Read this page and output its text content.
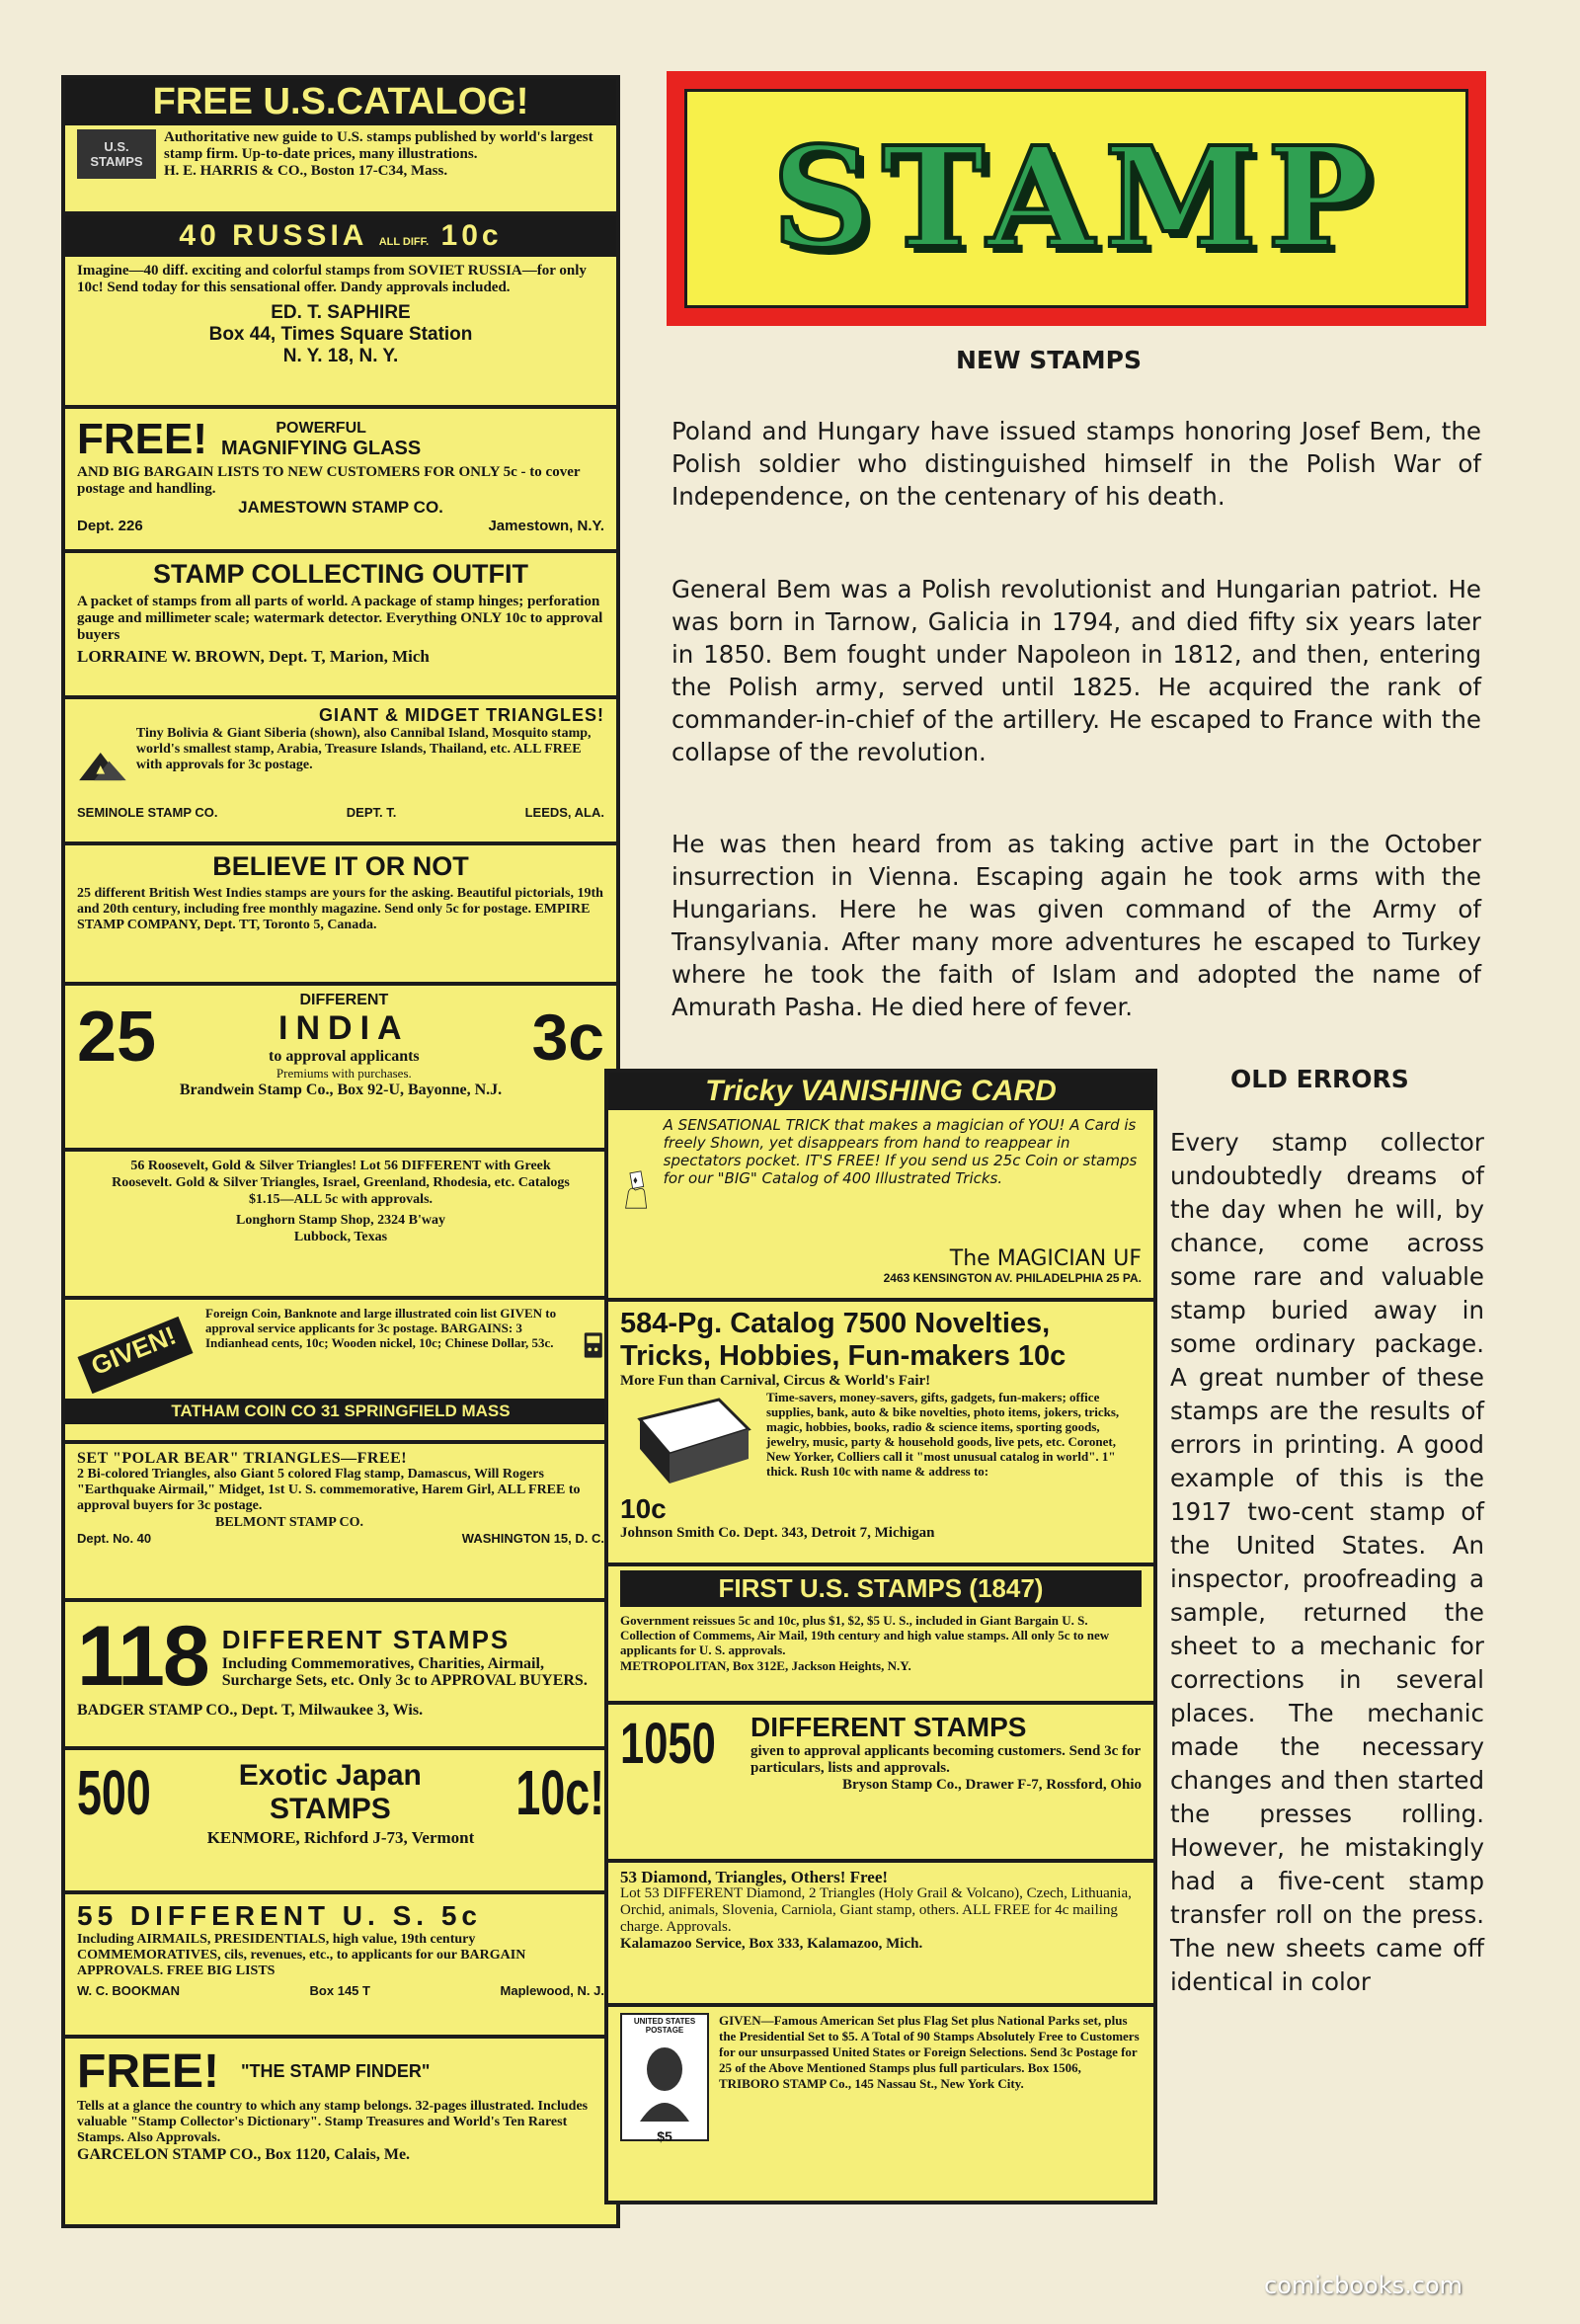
STAMP
NEW STAMPS
Poland and Hungary have issued stamps honoring Josef Bem, the Polish soldier who distinguished himself in the Polish War of Independence, on the centenary of his death.
General Bem was a Polish revolutionist and Hungarian patriot. He was born in Tarnow, Galicia in 1794, and died fifty six years later in 1850. Bem fought under Napoleon in 1812, and then, entering the Polish army, served until 1825. He acquired the rank of commander-in-chief of the artillery. He escaped to France with the collapse of the revolution.
He was then heard from as taking active part in the October insurrection in Vienna. Escaping again he took arms with the Hungarians. Here he was given command of the Army of Transylvania. After many more adventures he escaped to Turkey where he took the faith of Islam and adopted the name of Amurath Pasha. He died here of fever.
OLD ERRORS
Every stamp collector undoubtedly dreams of the day when he will, by chance, come across some rare and valuable stamp buried away in some ordinary package. A great number of these stamps are the results of errors in printing. A good example of this is the 1917 two-cent stamp of the United States. An inspector, proofreading a sample, returned the sheet to a mechanic for corrections in several places. The mechanic made the necessary changes and then started the presses rolling. However, he mistakingly had a five-cent stamp transfer roll on the press. The new sheets came off identical in color
FREE U.S.CATALOG!
U.S. STAMPS

Authoritative new guide to U.S. stamps published by world's largest stamp firm. Up-to-date prices, many illustrations.

H. E. HARRIS & CO., Boston 17-C34, Mass.

40 RUSSIA ALL DIFF. 10c

Imagine—40 diff. exciting and colorful stamps from SOVIET RUSSIA—for only 10c! Send today for this sensational offer. Dandy approvals included.

ED. T. SAPHIRE
Box 44, Times Square Station
N. Y. 18, N. Y.
FREE!	POWERFUL
MAGNIFYING GLASS

AND BIG BARGAIN LISTS TO NEW CUSTOMERS FOR ONLY 5c - to cover postage and handling.

JAMESTOWN STAMP CO.
Dept. 226	Jamestown, N.Y.
STAMP COLLECTING OUTFIT

A packet of stamps from all parts of world. A package of stamp hinges; perforation gauge and millimeter scale; watermark detector. Everything ONLY 10c to approval buyers

LORRAINE W. BROWN, Dept. T, Marion, Mich

GIANT & MIDGET TRIANGLES!

Tiny Bolivia & Giant Siberia (shown), also Cannibal Island, Mosquito stamp, world's smallest stamp, Arabia, Treasure Islands, Thailand, etc. ALL FREE with approvals for 3c postage.

SEMINOLE STAMP CO.	DEPT. T.	LEEDS, ALA.
BELIEVE IT OR NOT

25 different British West Indies stamps are yours for the asking. Beautiful pictorials, 19th and 20th century, including free monthly magazine. Send only 5c for postage. EMPIRE STAMP COMPANY, Dept. TT, Toronto 5, Canada.

25	DIFFERENT
INDIA
to approval applicants
Premiums with purchases. 3c

Brandwein Stamp Co., Box 92-U, Bayonne, N.J.

56 Roosevelt, Gold & Silver Triangles! Lot 56 DIFFERENT with Greek Roosevelt. Gold & Silver Triangles, Israel, Greenland, Rhodesia, etc. Catalogs $1.15—ALL 5c with approvals.

Longhorn Stamp Shop, 2324 B'way

Lubbock, Texas

GIVEN!

Foreign Coin, Banknote and large illustrated coin list GIVEN to approval service applicants for 3c postage. BARGAINS: 3 Indianhead cents, 10c; Wooden nickel, 10c; Chinese Dollar, 53c.

TATHAM COIN CO 31 SPRINGFIELD MASS

SET "POLAR BEAR" TRIANGLES—FREE!

2 Bi-colored Triangles, also Giant 5 colored Flag stamp, Damascus, Will Rogers "Earthquake Airmail," Midget, 1st U. S. commemorative, Harem Girl, ALL FREE to approval buyers for 3c postage.

BELMONT STAMP CO.

Dept. No. 40	WASHINGTON 15, D. C.
118 DIFFERENT STAMPS

Including Commemoratives, Charities, Airmail, Surcharge Sets, etc. Only 3c to APPROVAL BUYERS.

BADGER STAMP CO., Dept. T, Milwaukee 3, Wis.

500	Exotic Japan
STAMPS	10c!

KENMORE, Richford J-73, Vermont

55 DIFFERENT U. S. 5c

Including AIRMAILS, PRESIDENTIALS, high value, 19th century COMMEMORATIVES, cils, revenues, etc., to applicants for our BARGAIN APPROVALS. FREE BIG LISTS

W. C. BOOKMAN	Box 145 T	Maplewood, N. J.
FREE! "THE STAMP FINDER"

Tells at a glance the country to which any stamp belongs. 32-pages illustrated. Includes valuable "Stamp Collector's Dictionary". Stamp Treasures and World's Ten Rarest Stamps. Also Approvals.

GARCELON STAMP CO., Box 1120, Calais, Me.

Tricky VANISHING CARD

A SENSATIONAL TRICK that makes a magician of YOU! A Card is freely Shown, yet disappears from hand to reappear in spectators pocket. IT'S FREE! If you send us 25c Coin or stamps for our "BIG" Catalog of 400 Illustrated Tricks.

The MAGICIAN UF
2463 KENSINGTON AV. PHILADELPHIA 25 PA.
584-Pg. Catalog 7500 Novelties,
Tricks, Hobbies, Fun-makers 10c

More Fun than Carnival, Circus & World's Fair!

10c

Time-savers, money-savers, gifts, gadgets, fun-makers; office supplies, bank, auto & bike novelties, photo items, jokers, tricks, magic, hobbies, books, radio & science items, sporting goods, jewelry, music, party & household goods, live pets, etc. Coronet, New Yorker, Colliers call it "most unusual catalog in world". 1" thick. Rush 10c with name & address to:

Johnson Smith Co. Dept. 343, Detroit 7, Michigan

FIRST U.S. STAMPS (1847)

Government reissues 5c and 10c, plus $1, $2, $5 U. S., included in Giant Bargain U. S. Collection of Commems, Air Mail, 19th century and high value stamps. All only 5c to new applicants for U. S. approvals.

METROPOLITAN, Box 312E, Jackson Heights, N.Y.

1050 DIFFERENT STAMPS

given to approval applicants becoming customers. Send 3c for particulars, lists and approvals.

Bryson Stamp Co., Drawer F-7, Rossford, Ohio

53 Diamond, Triangles, Others! Free!

Lot 53 DIFFERENT Diamond, 2 Triangles (Holy Grail & Volcano), Czech, Lithuania, Orchid, animals, Slovenia, Carniola, Giant stamp, others. ALL FREE for 4c mailing charge. Approvals.

Kalamazoo Service, Box 333, Kalamazoo, Mich.

UNITED STATES POSTAGE
$5

GIVEN—Famous American Set plus Flag Set plus National Parks set, plus the Presidential Set to $5. A Total of 90 Stamps Absolutely Free to Customers for our unsurpassed United States or Foreign Selections. Send 3c Postage for 25 of the Above Mentioned Stamps plus full particulars. Box 1506, TRIBORO STAMP Co., 145 Nassau St., New York City.

comicbooks.com
